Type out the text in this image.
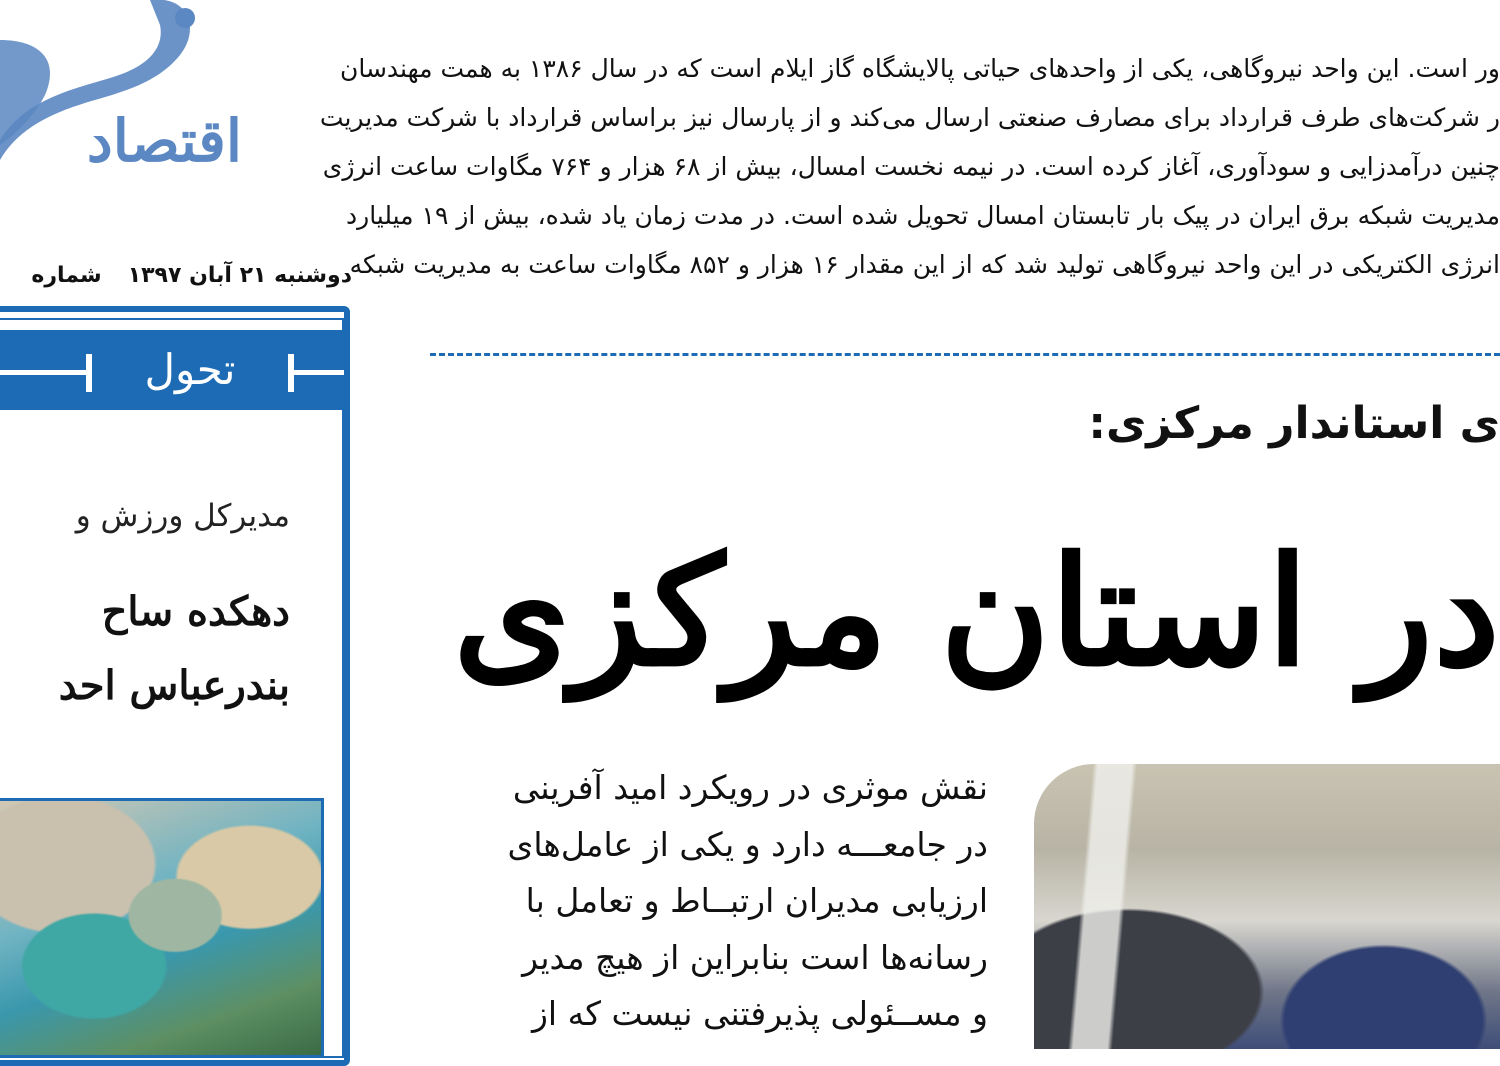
اقتصاد
دوشنبه ۲۱ آبان ۱۳۹۷شماره
تحول
مدیرکل ورزش و
دهکده ساح
بندرعباس احد
ور است. این واحد نیروگاهی، یکی از واحدهای حیاتی پالایشگاه گاز ایلام است که در سال ۱۳۸۶ به همت مهندسان
ر شرکت‌های طرف قرارداد برای مصارف صنعتی ارسال می‌کند و از پارسال نیز براساس قرارداد با شرکت مدیریت
چنین درآمدزایی و سودآوری، آغاز کرده است. در نیمه نخست امسال، بیش از ۶۸ هزار و ۷۶۴ مگاوات ساعت انرژی
مدیریت شبکه برق ایران در پیک بار تابستان امسال تحویل شده است. در مدت زمان یاد شده، بیش از ۱۹ میلیارد
انرژی الکتریکی در این واحد نیروگاهی تولید شد که از این مقدار ۱۶ هزار و ۸۵۲ مگاوات ساعت به مدیریت شبکه
ی استاندار مرکزی:
در استان مرکزی
نقش موثری در رویکرد امید آفرینی
در جامعـــه دارد و یکی از عامل‌های
ارزیابی مدیران ارتبــاط و تعامل با
رسانه‌ها است بنابراین از هیچ مدیر
و مســئولی پذیرفتنی نیست که از
